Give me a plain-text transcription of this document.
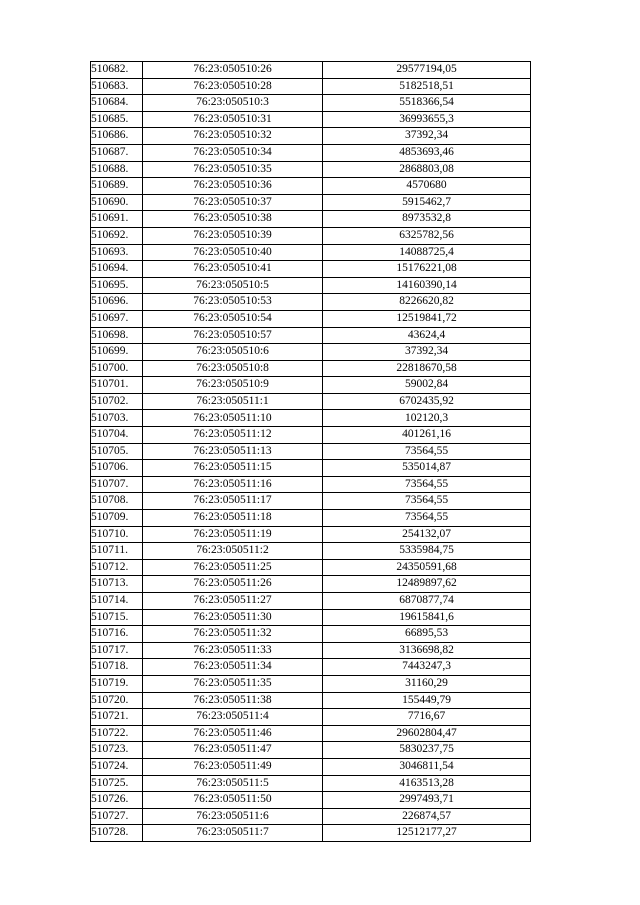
510682.	76:23:050510:26	29577194,05
510683.	76:23:050510:28	5182518,51
510684.	76:23:050510:3	5518366,54
510685.	76:23:050510:31	36993655,3
510686.	76:23:050510:32	37392,34
510687.	76:23:050510:34	4853693,46
510688.	76:23:050510:35	2868803,08
510689.	76:23:050510:36	4570680
510690.	76:23:050510:37	5915462,7
510691.	76:23:050510:38	8973532,8
510692.	76:23:050510:39	6325782,56
510693.	76:23:050510:40	14088725,4
510694.	76:23:050510:41	15176221,08
510695.	76:23:050510:5	14160390,14
510696.	76:23:050510:53	8226620,82
510697.	76:23:050510:54	12519841,72
510698.	76:23:050510:57	43624,4
510699.	76:23:050510:6	37392,34
510700.	76:23:050510:8	22818670,58
510701.	76:23:050510:9	59002,84
510702.	76:23:050511:1	6702435,92
510703.	76:23:050511:10	102120,3
510704.	76:23:050511:12	401261,16
510705.	76:23:050511:13	73564,55
510706.	76:23:050511:15	535014,87
510707.	76:23:050511:16	73564,55
510708.	76:23:050511:17	73564,55
510709.	76:23:050511:18	73564,55
510710.	76:23:050511:19	254132,07
510711.	76:23:050511:2	5335984,75
510712.	76:23:050511:25	24350591,68
510713.	76:23:050511:26	12489897,62
510714.	76:23:050511:27	6870877,74
510715.	76:23:050511:30	19615841,6
510716.	76:23:050511:32	66895,53
510717.	76:23:050511:33	3136698,82
510718.	76:23:050511:34	7443247,3
510719.	76:23:050511:35	31160,29
510720.	76:23:050511:38	155449,79
510721.	76:23:050511:4	7716,67
510722.	76:23:050511:46	29602804,47
510723.	76:23:050511:47	5830237,75
510724.	76:23:050511:49	3046811,54
510725.	76:23:050511:5	4163513,28
510726.	76:23:050511:50	2997493,71
510727.	76:23:050511:6	226874,57
510728.	76:23:050511:7	12512177,27
